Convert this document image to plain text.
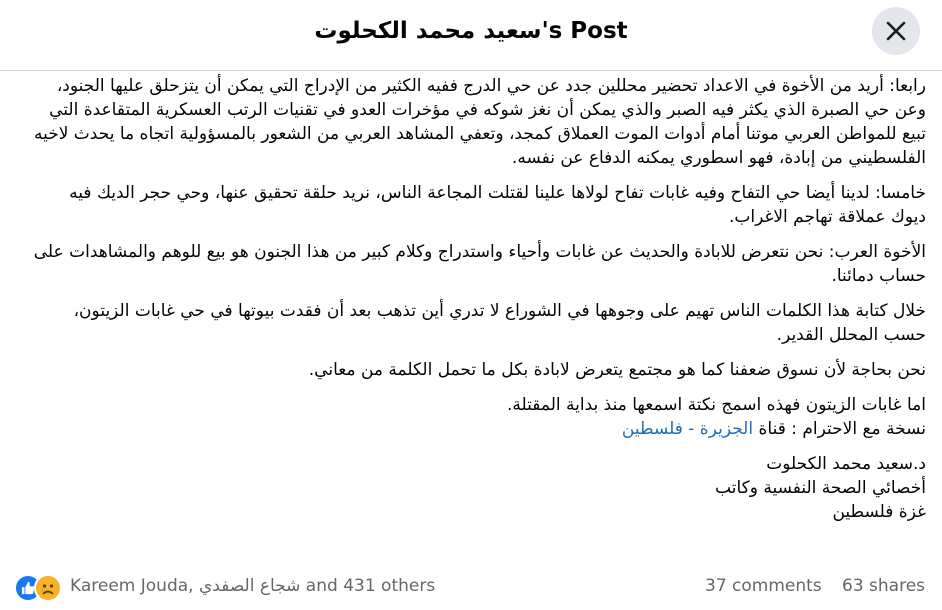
سعيد محمد الكحلوت's Post

رابعا: أريد من الأخوة في الاعداد تحضير محللين جدد عن حي الدرج ففيه الكثير من الإدراج التي يمكن أن يتزحلق عليها الجنود، وعن حي الصبرة الذي يكثر فيه الصبر والذي يمكن أن نغز شوكه في مؤخرات العدو في تقنيات الرتب العسكرية المتقاعدة التي تبيع للمواطن العربي موتنا أمام أدوات الموت العملاق كمجد، وتعفي المشاهد العربي من الشعور بالمسؤولية اتجاه ما يحدث لاخيه الفلسطيني من إبادة، فهو اسطوري يمكنه الدفاع عن نفسه.

خامسا: لدينا أيضا حي التفاح وفيه غابات تفاح لولاها علينا لقتلت المجاعة الناس، نريد حلقة تحقيق عنها، وحي حجر الديك فيه ديوك عملاقة تهاجم الاغراب.

الأخوة العرب: نحن نتعرض للابادة والحديث عن غابات وأحياء واستدراج وكلام كبير من هذا الجنون هو بيع للوهم والمشاهدات على حساب دمائنا.

خلال كتابة هذا الكلمات الناس تهيم على وجوهها في الشوراع لا تدري أين تذهب بعد أن فقدت بيوتها في حي غابات الزيتون، حسب المحلل القدير.

نحن بحاجة لأن نسوق ضعفنا كما هو مجتمع يتعرض لابادة بكل ما تحمل الكلمة من معاني.

اما غابات الزيتون فهذه اسمج نكتة اسمعها منذ بداية المقتلة.

نسخة مع الاحترام : قناة الجزيرة - فلسطين

د.سعيد محمد الكحلوت

أخصائي الصحة النفسية وكاتب

غزة فلسطين

Kareem Jouda, شجاع الصفدي and 431 others	37 comments 63 shares
